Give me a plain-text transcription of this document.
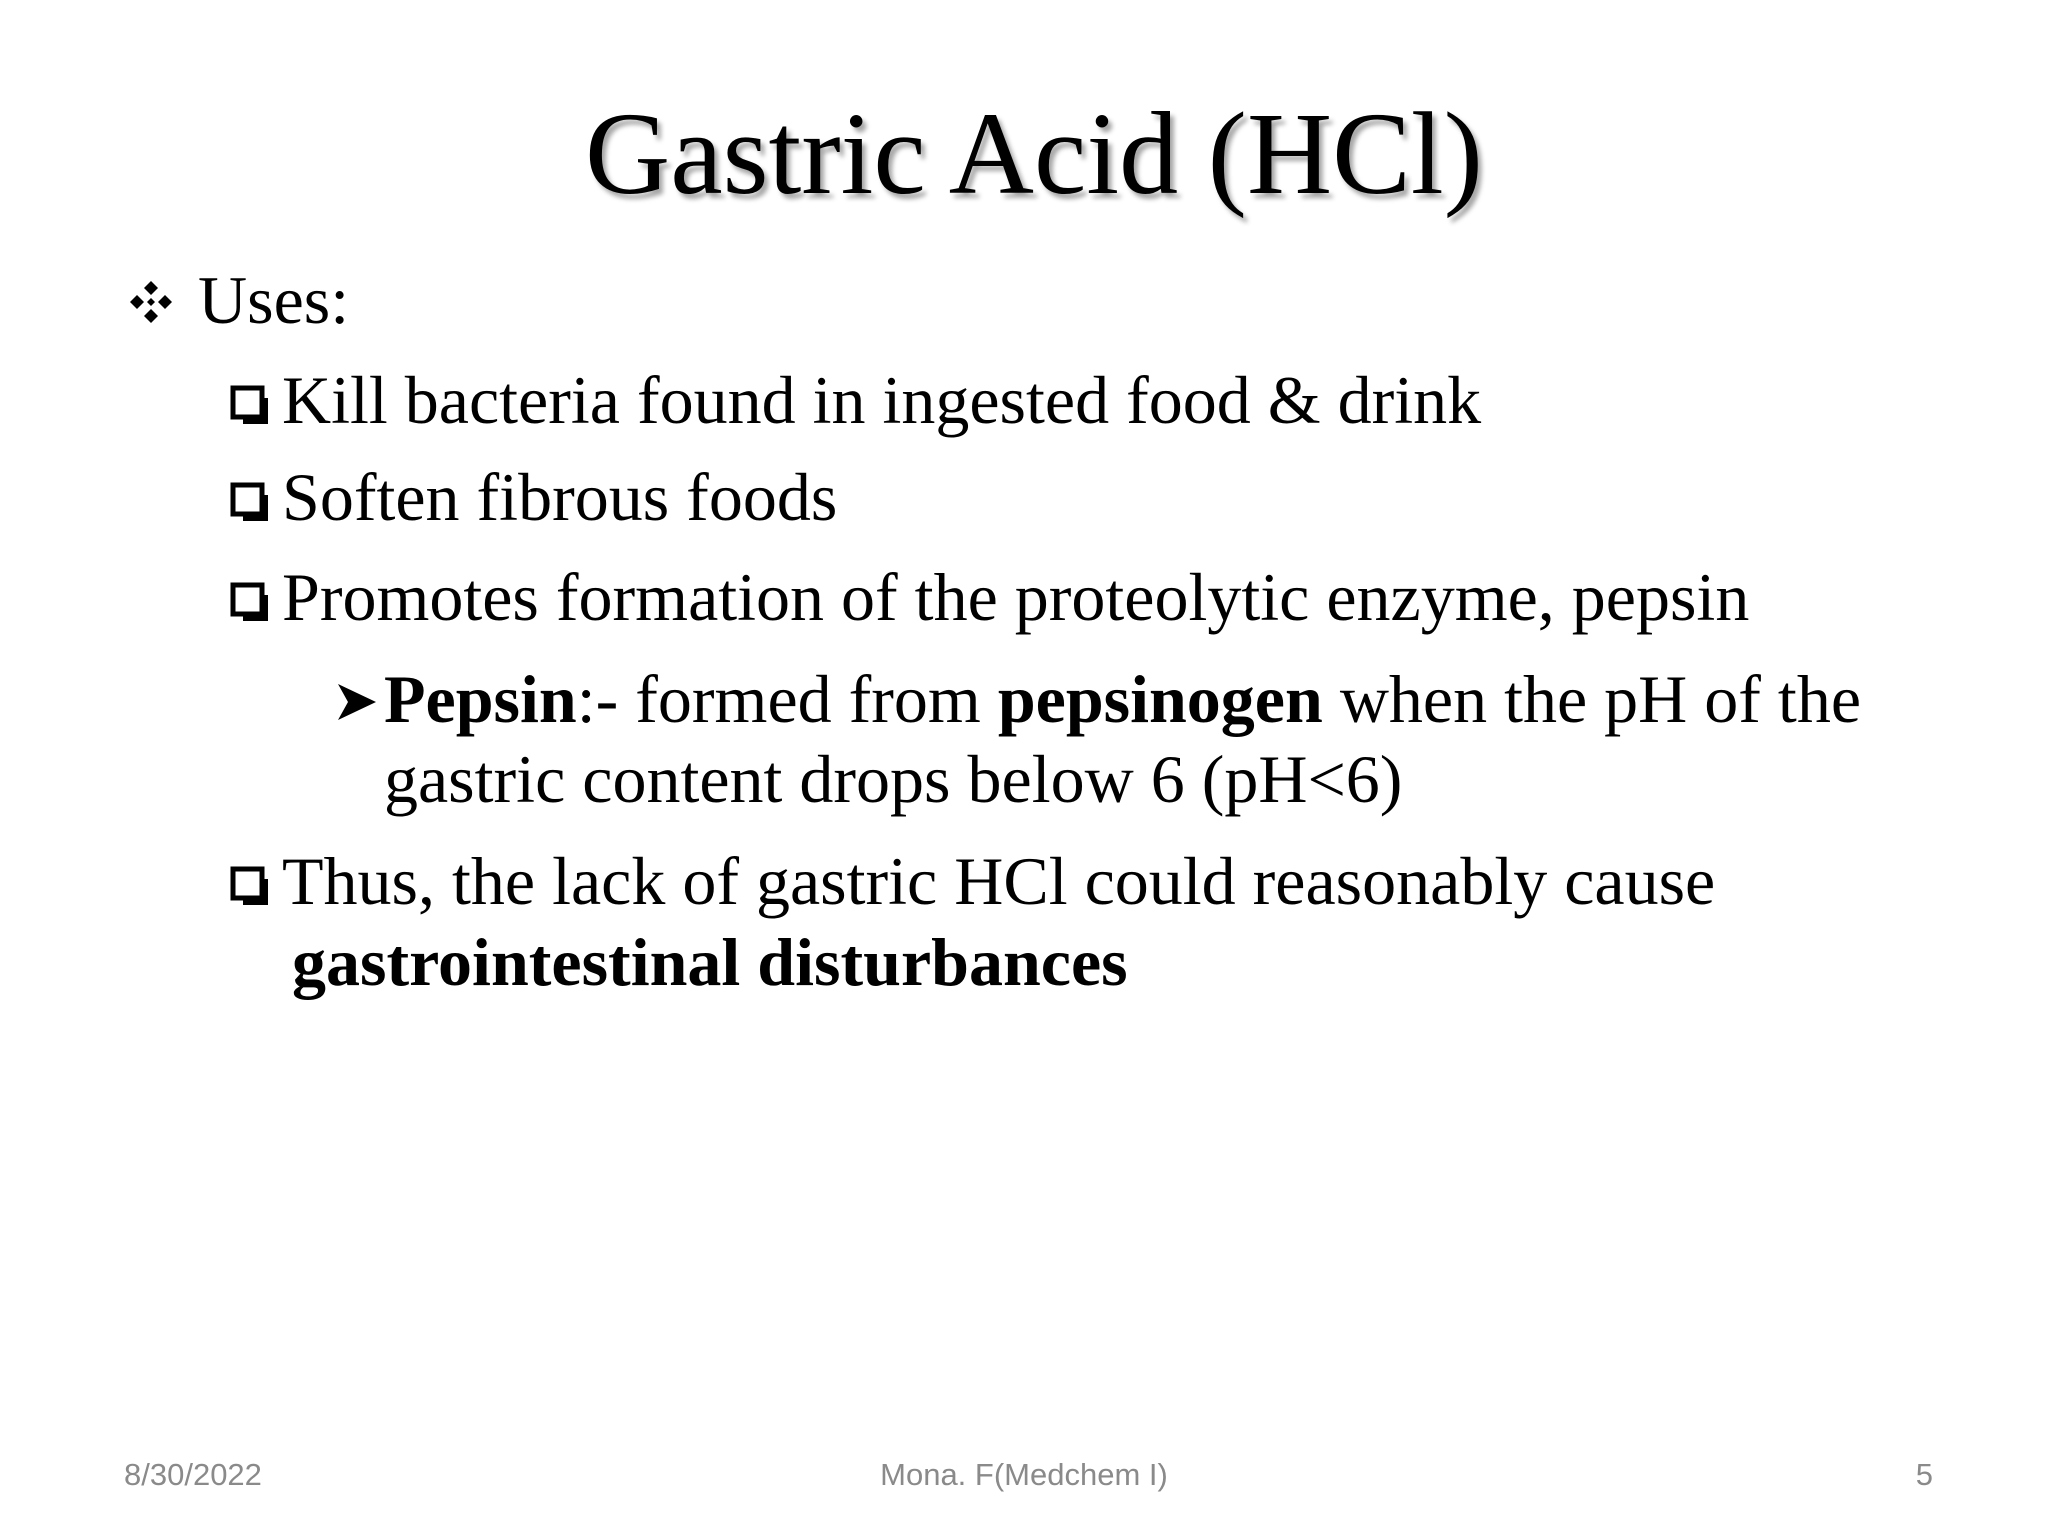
Gastric Acid (HCl)
Uses:
Kill bacteria found in ingested food & drink
Soften fibrous foods
Promotes formation of the proteolytic enzyme, pepsin
Pepsin:- formed from pepsinogen when the pH of the
gastric content drops below 6 (pH<6)
Thus, the lack of gastric HCl could reasonably cause
gastrointestinal disturbances
8/30/2022	Mona. F(Medchem I)	5
